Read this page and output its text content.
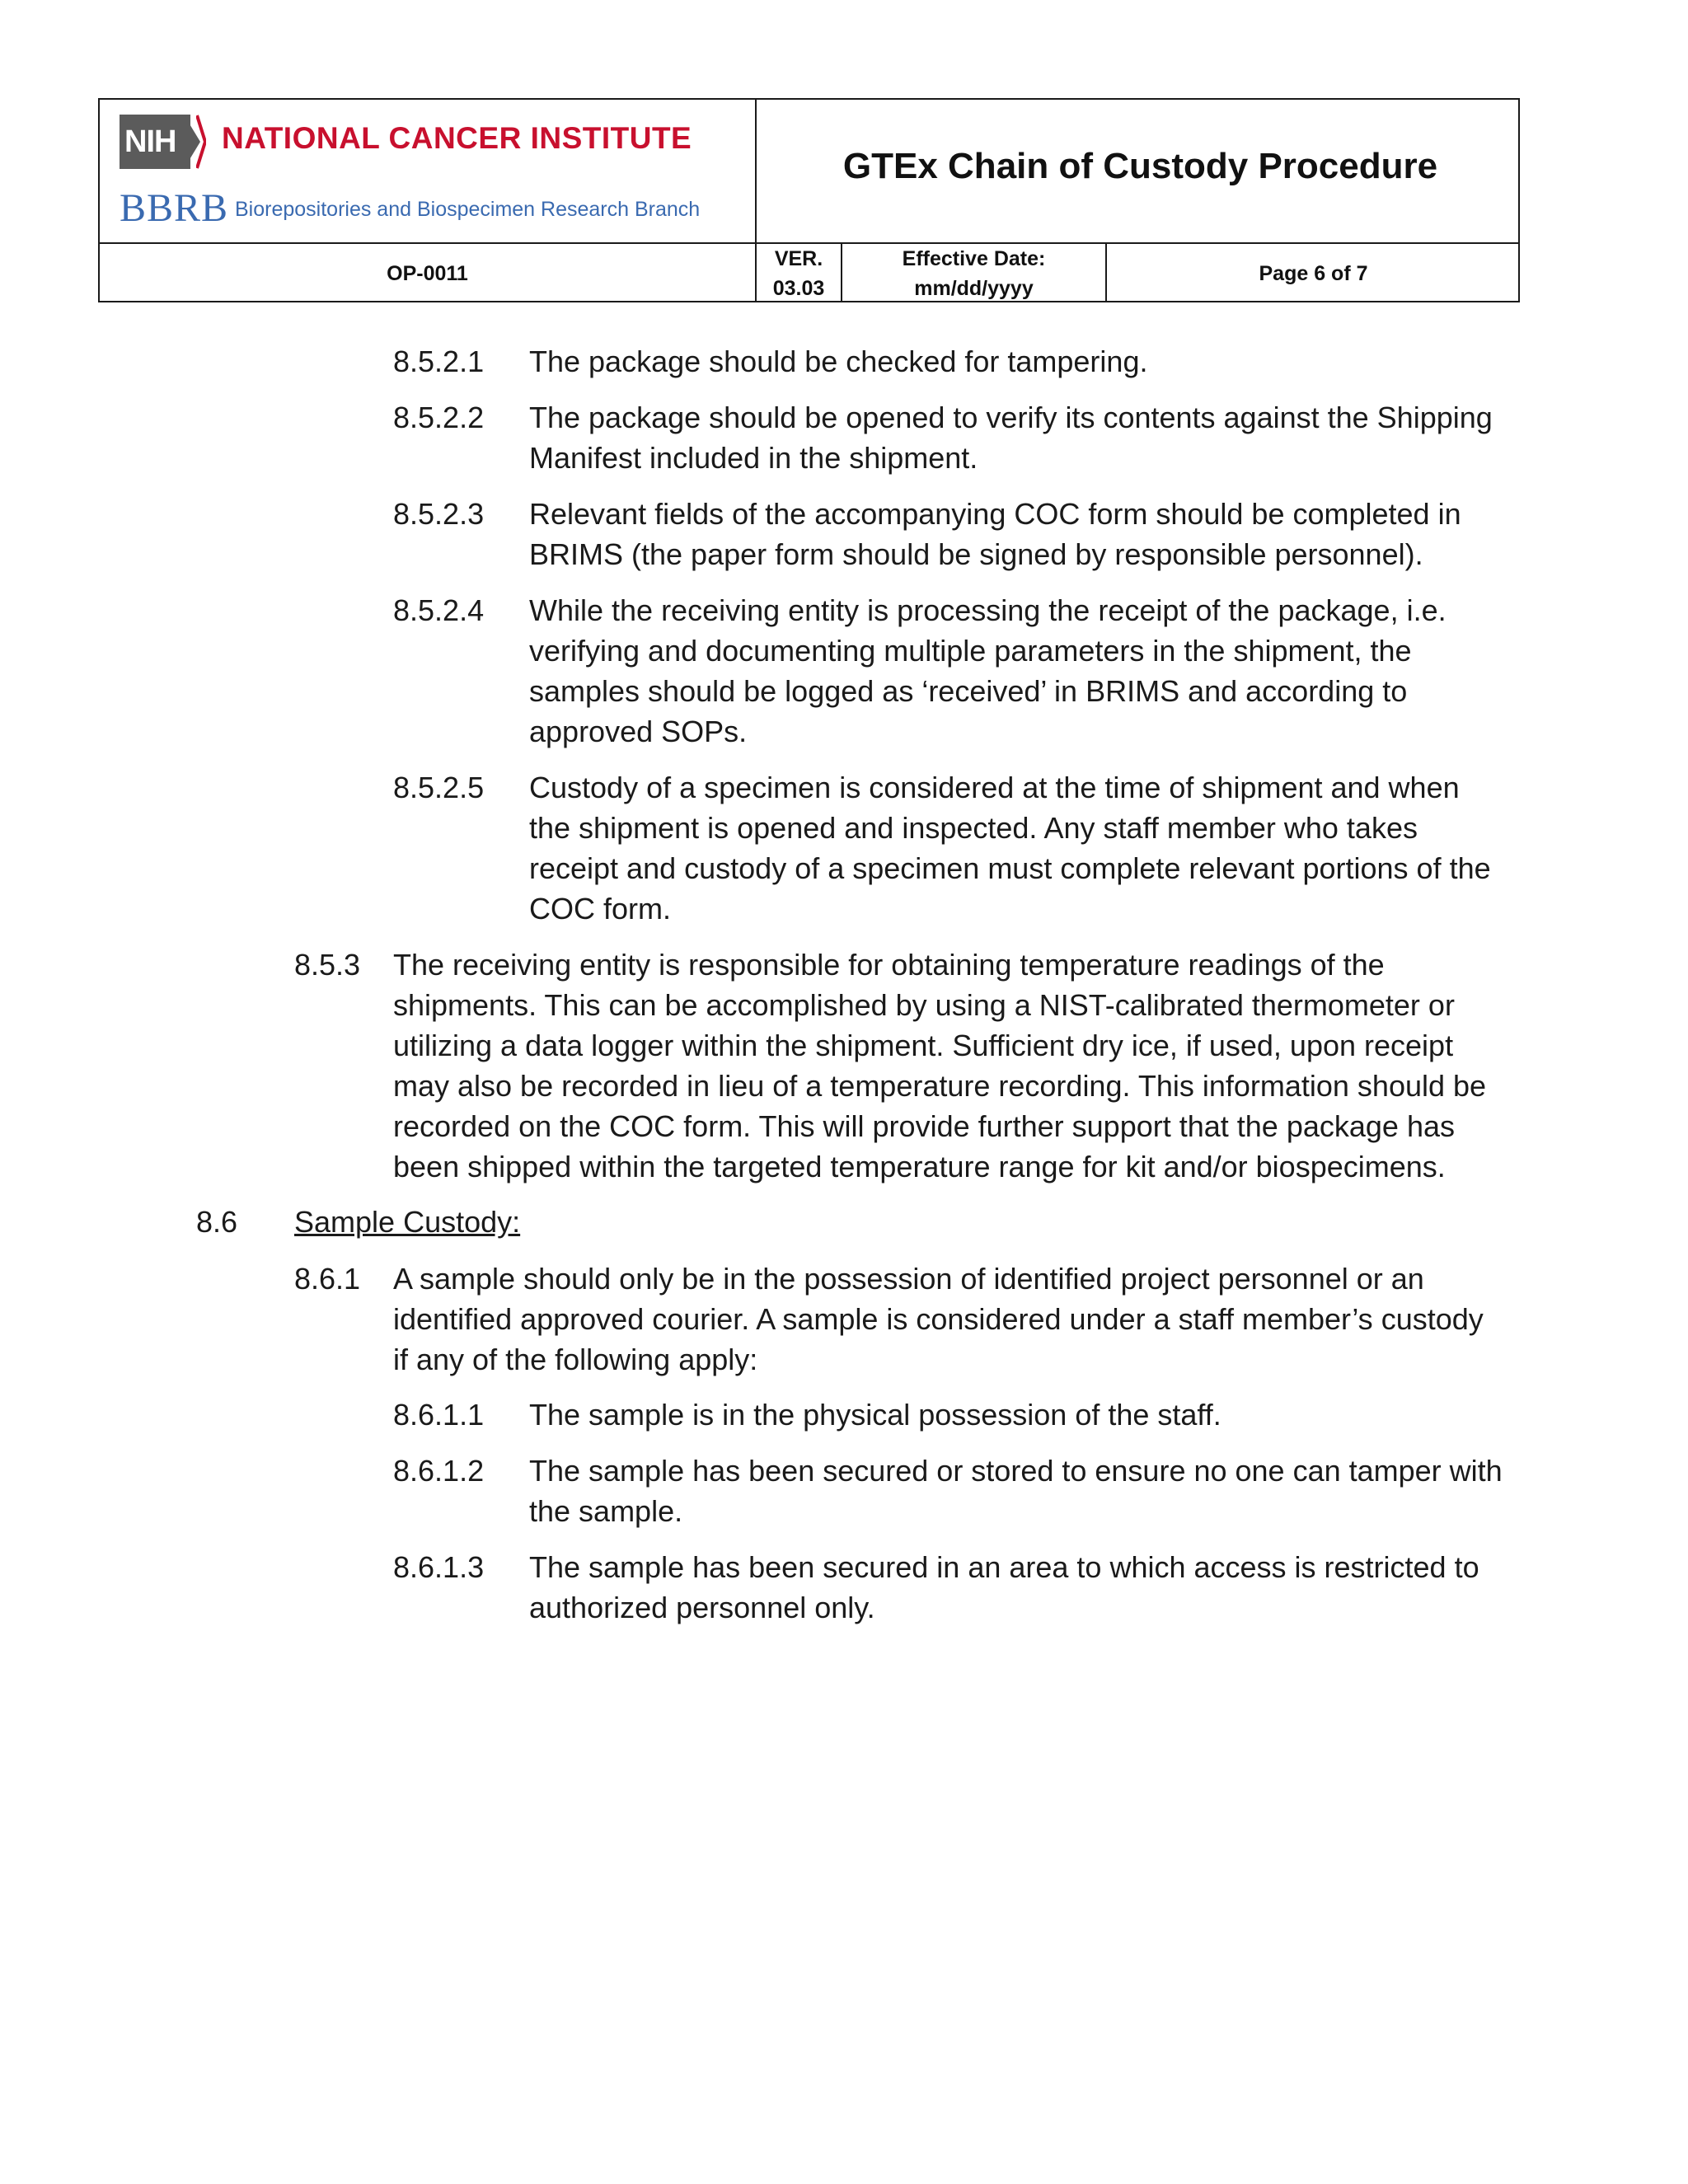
NIH	NATIONAL CANCER INSTITUTE
BBRB Biorepositories and Biospecimen Research Branch
GTEx Chain of Custody Procedure
OP-0011
VER.
03.03
Effective Date:
mm/dd/yyyy
Page 6 of 7
8.5.2.1 The package should be checked for tampering.
8.5.2.2 The package should be opened to verify its contents against the Shipping
Manifest included in the shipment.
8.5.2.3 Relevant fields of the accompanying COC form should be completed in
BRIMS (the paper form should be signed by responsible personnel).
8.5.2.4 While the receiving entity is processing the receipt of the package, i.e.
verifying and documenting multiple parameters in the shipment, the
samples should be logged as ‘received’ in BRIMS and according to
approved SOPs.
8.5.2.5 Custody of a specimen is considered at the time of shipment and when
the shipment is opened and inspected. Any staff member who takes
receipt and custody of a specimen must complete relevant portions of the
COC form.
8.5.3 The receiving entity is responsible for obtaining temperature readings of the
shipments. This can be accomplished by using a NIST-calibrated thermometer or
utilizing a data logger within the shipment. Sufficient dry ice, if used, upon receipt
may also be recorded in lieu of a temperature recording. This information should be
recorded on the COC form. This will provide further support that the package has
been shipped within the targeted temperature range for kit and/or biospecimens.
8.6 Sample Custody:
8.6.1 A sample should only be in the possession of identified project personnel or an
identified approved courier. A sample is considered under a staff member’s custody
if any of the following apply:
8.6.1.1 The sample is in the physical possession of the staff.
8.6.1.2 The sample has been secured or stored to ensure no one can tamper with
the sample.
8.6.1.3 The sample has been secured in an area to which access is restricted to
authorized personnel only.
